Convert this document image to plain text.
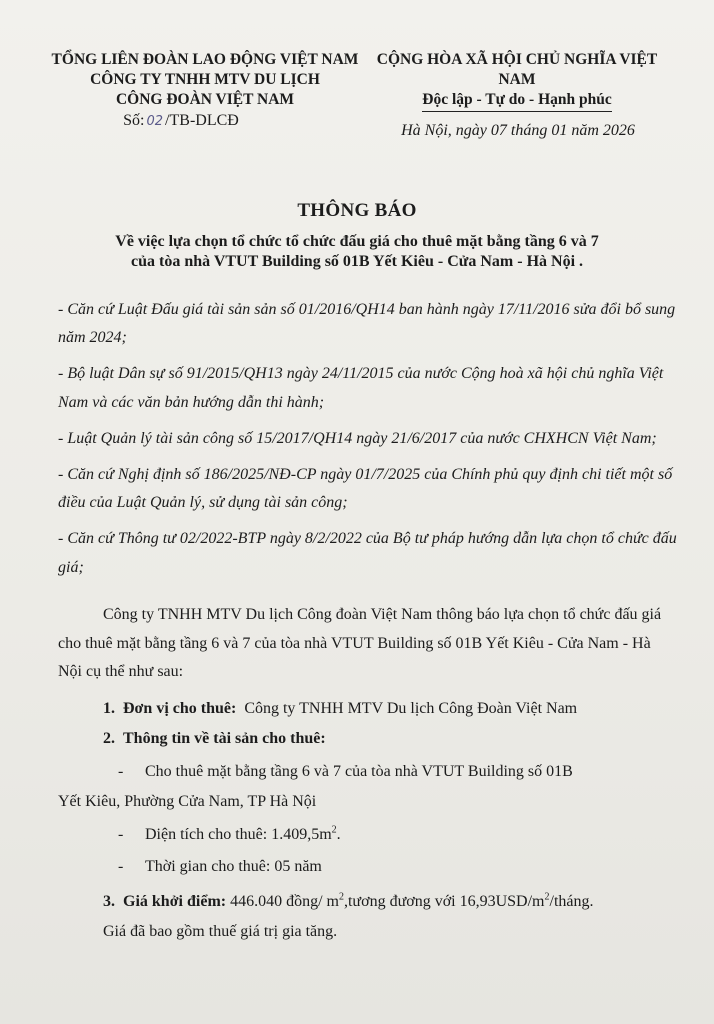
TỔNG LIÊN ĐOÀN LAO ĐỘNG VIỆT NAM
CÔNG TY TNHH MTV DU LỊCH
CÔNG ĐOÀN VIỆT NAM
Số: 02 /TB-DLCĐ
CỘNG HÒA XÃ HỘI CHỦ NGHĨA VIỆT NAM
Độc lập - Tự do - Hạnh phúc
Hà Nội, ngày 07 tháng 01 năm 2026
THÔNG BÁO
Về việc lựa chọn tổ chức tổ chức đấu giá cho thuê mặt bằng tầng 6 và 7
của tòa nhà VTUT Building số 01B Yết Kiêu - Cửa Nam - Hà Nội .

- Căn cứ Luật Đấu giá tài sản sản số 01/2016/QH14 ban hành ngày 17/11/2016 sửa đổi bổ sung năm 2024;

- Bộ luật Dân sự số 91/2015/QH13 ngày 24/11/2015 của nước Cộng hoà xã hội chủ nghĩa Việt Nam và các văn bản hướng dẫn thi hành;

- Luật Quản lý tài sản công số 15/2017/QH14 ngày 21/6/2017 của nước CHXHCN Việt Nam;

- Căn cứ Nghị định số 186/2025/NĐ-CP ngày 01/7/2025 của Chính phủ quy định chi tiết một số điều của Luật Quản lý, sử dụng tài sản công;

- Căn cứ Thông tư 02/2022-BTP ngày 8/2/2022 của Bộ tư pháp hướng dẫn lựa chọn tổ chức đấu giá;

Công ty TNHH MTV Du lịch Công đoàn Việt Nam thông báo lựa chọn tổ chức đấu giá cho thuê mặt bằng tầng 6 và 7 của tòa nhà VTUT Building số 01B Yết Kiêu - Cửa Nam - Hà Nội cụ thể như sau:

1. Đơn vị cho thuê: Công ty TNHH MTV Du lịch Công Đoàn Việt Nam

2. Thông tin về tài sản cho thuê:

- Cho thuê mặt bằng tầng 6 và 7 của tòa nhà VTUT Building số 01B

Yết Kiêu, Phường Cửa Nam, TP Hà Nội

- Diện tích cho thuê: $1.409,5m^2$.

- Thời gian cho thuê: 05 năm

3. Giá khởi điểm: 446.040 đồng/ $m^2,tương$ đương với $16,93USD/m^2$/tháng.

Giá đã bao gồm thuế giá trị gia tăng.
